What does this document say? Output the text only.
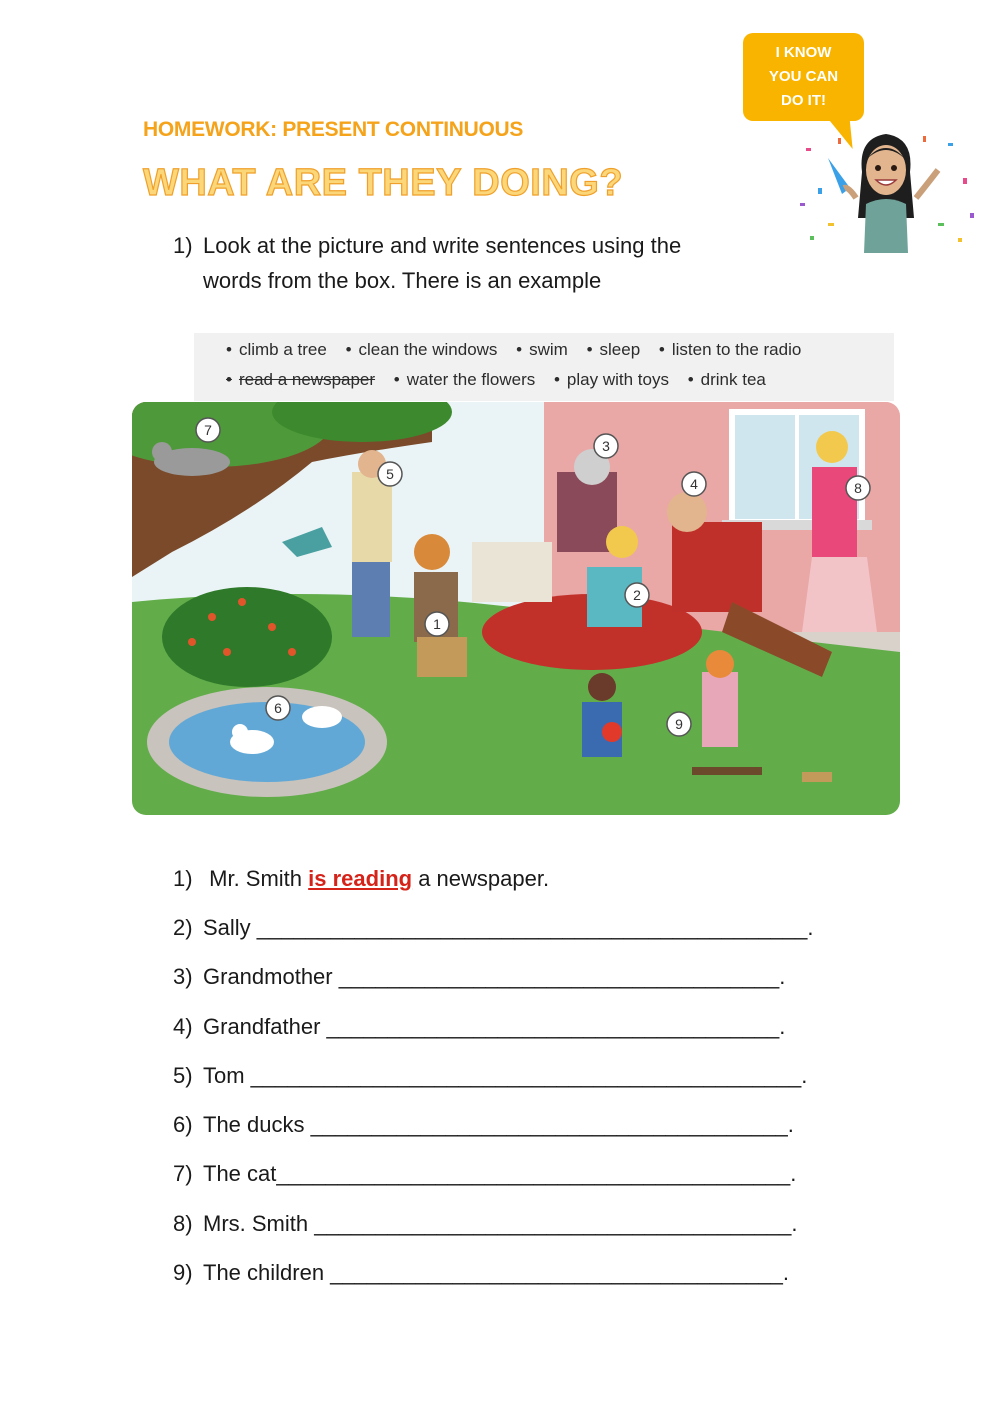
HOMEWORK: PRESENT CONTINUOUS
WHAT ARE THEY DOING?
I KNOW
YOU CAN
DO IT!
1) Look at the picture and write sentences using the
words from the box. There is an example
• climb a tree • clean the windows • swim • sleep • listen to the radio
• read a newspaper • water the flowers • play with toys • drink tea
1
2
3
4
5
6
7
8
9
1) Mr. Smith is reading a newspaper.
2) Sally _____________________________________________.
3) Grandmother ____________________________________.
4) Grandfather _____________________________________.
5) Tom _____________________________________________.
6) The ducks _______________________________________.
7) The cat__________________________________________.
8) Mrs. Smith _______________________________________.
9) The children _____________________________________.
